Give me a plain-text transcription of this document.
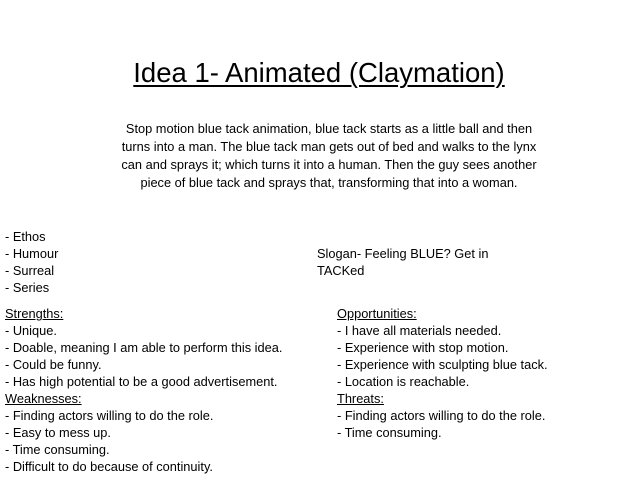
Idea 1- Animated (Claymation)
Stop motion blue tack animation, blue tack starts as a little ball and then turns into a man. The blue tack man gets out of bed and walks to the lynx can and sprays it; which turns it into a human. Then the guy sees another piece of blue tack and sprays that, transforming that into a woman.
- Ethos
- Humour
- Surreal
- Series
Slogan- Feeling BLUE? Get in
TACKed
Strengths:
- Unique.
- Doable, meaning I am able to perform this idea.
- Could be funny.
- Has high potential to be a good advertisement.
Weaknesses:
- Finding actors willing to do the role.
- Easy to mess up.
- Time consuming.
- Difficult to do because of continuity.
Opportunities:
- I have all materials needed.
- Experience with stop motion.
- Experience with sculpting blue tack.
- Location is reachable.
Threats:
- Finding actors willing to do the role.
- Time consuming.
